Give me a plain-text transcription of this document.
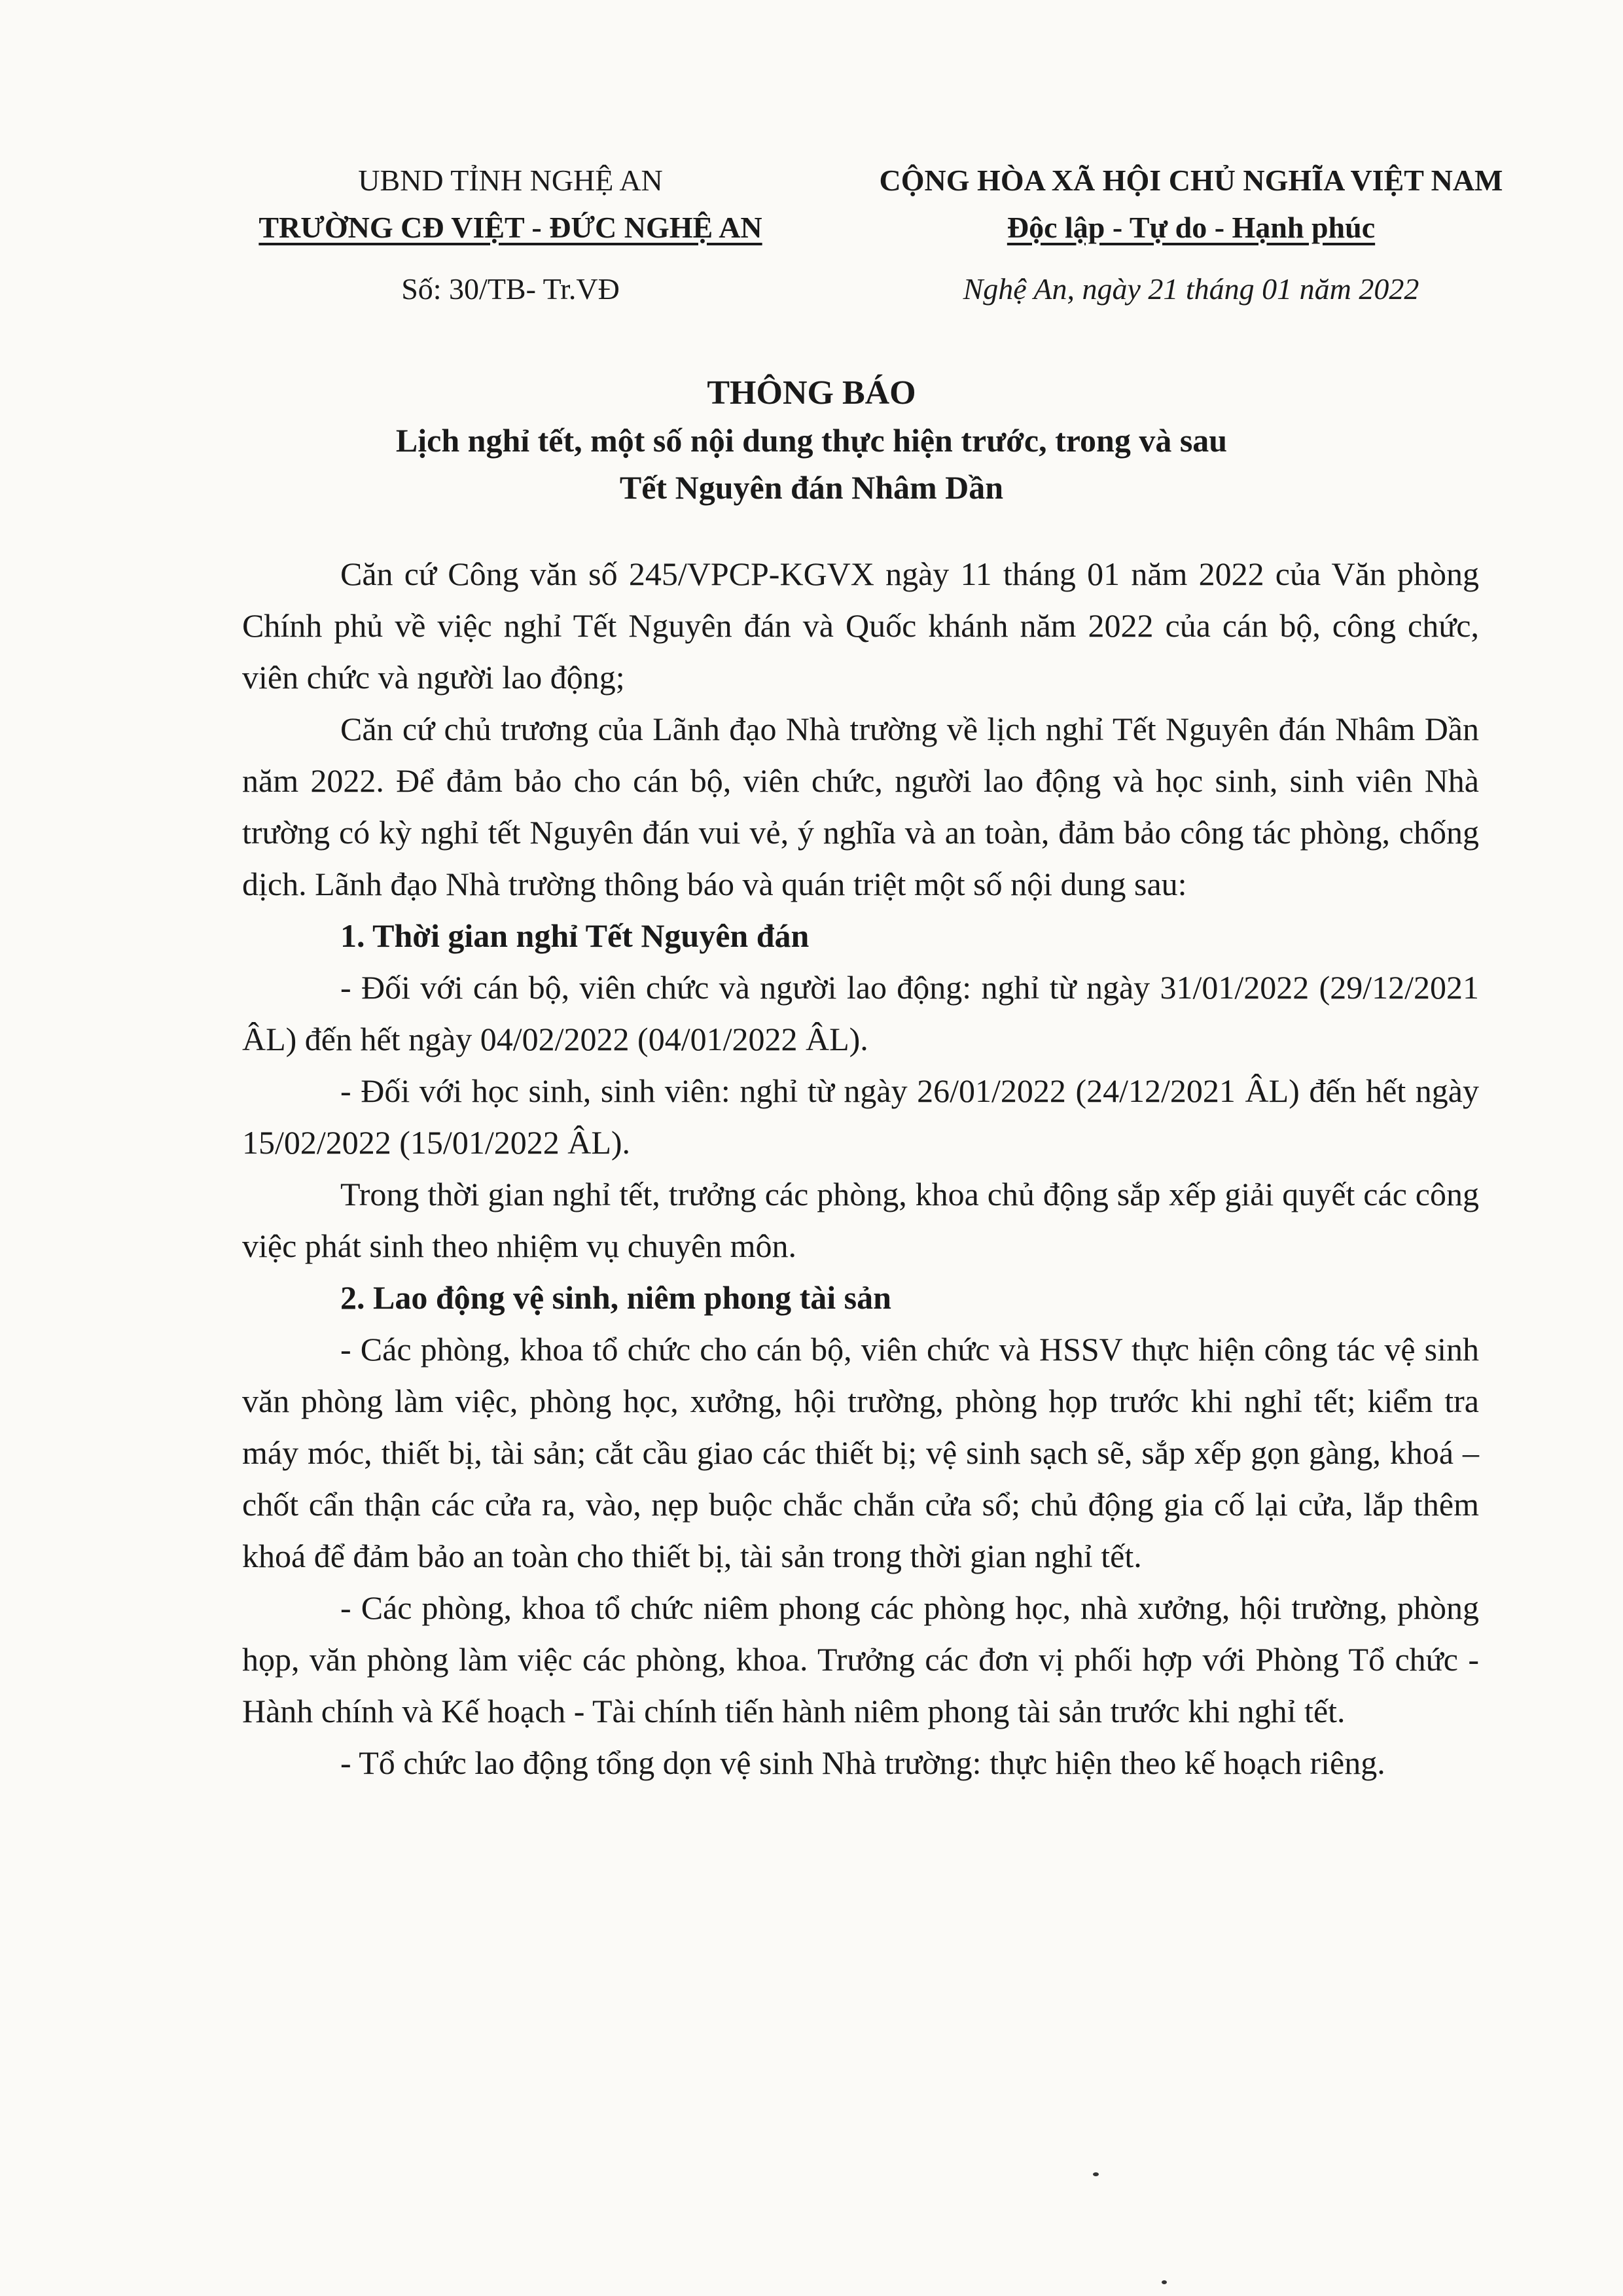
UBND TỈNH NGHỆ AN
TRƯỜNG CĐ VIỆT - ĐỨC NGHỆ AN
Số: 30/TB- Tr.VĐ
CỘNG HÒA XÃ HỘI CHỦ NGHĨA VIỆT NAM
Độc lập - Tự do - Hạnh phúc
Nghệ An, ngày 21 tháng 01 năm 2022
THÔNG BÁO
Lịch nghỉ tết, một số nội dung thực hiện trước, trong và sau
Tết Nguyên đán Nhâm Dần

Căn cứ Công văn số 245/VPCP-KGVX ngày 11 tháng 01 năm 2022 của Văn phòng Chính phủ về việc nghỉ Tết Nguyên đán và Quốc khánh năm 2022 của cán bộ, công chức, viên chức và người lao động;

Căn cứ chủ trương của Lãnh đạo Nhà trường về lịch nghỉ Tết Nguyên đán Nhâm Dần năm 2022. Để đảm bảo cho cán bộ, viên chức, người lao động và học sinh, sinh viên Nhà trường có kỳ nghỉ tết Nguyên đán vui vẻ, ý nghĩa và an toàn, đảm bảo công tác phòng, chống dịch. Lãnh đạo Nhà trường thông báo và quán triệt một số nội dung sau:

1. Thời gian nghỉ Tết Nguyên đán

- Đối với cán bộ, viên chức và người lao động: nghỉ từ ngày 31/01/2022 (29/12/2021 ÂL) đến hết ngày 04/02/2022 (04/01/2022 ÂL).

- Đối với học sinh, sinh viên: nghỉ từ ngày 26/01/2022 (24/12/2021 ÂL) đến hết ngày 15/02/2022 (15/01/2022 ÂL).

Trong thời gian nghỉ tết, trưởng các phòng, khoa chủ động sắp xếp giải quyết các công việc phát sinh theo nhiệm vụ chuyên môn.

2. Lao động vệ sinh, niêm phong tài sản

- Các phòng, khoa tổ chức cho cán bộ, viên chức và HSSV thực hiện công tác vệ sinh văn phòng làm việc, phòng học, xưởng, hội trường, phòng họp trước khi nghỉ tết; kiểm tra máy móc, thiết bị, tài sản; cắt cầu giao các thiết bị; vệ sinh sạch sẽ, sắp xếp gọn gàng, khoá – chốt cẩn thận các cửa ra, vào, nẹp buộc chắc chắn cửa sổ; chủ động gia cố lại cửa, lắp thêm khoá để đảm bảo an toàn cho thiết bị, tài sản trong thời gian nghỉ tết.

- Các phòng, khoa tổ chức niêm phong các phòng học, nhà xưởng, hội trường, phòng họp, văn phòng làm việc các phòng, khoa. Trưởng các đơn vị phối hợp với Phòng Tổ chức - Hành chính và Kế hoạch - Tài chính tiến hành niêm phong tài sản trước khi nghỉ tết.

- Tổ chức lao động tổng dọn vệ sinh Nhà trường: thực hiện theo kế hoạch riêng.
